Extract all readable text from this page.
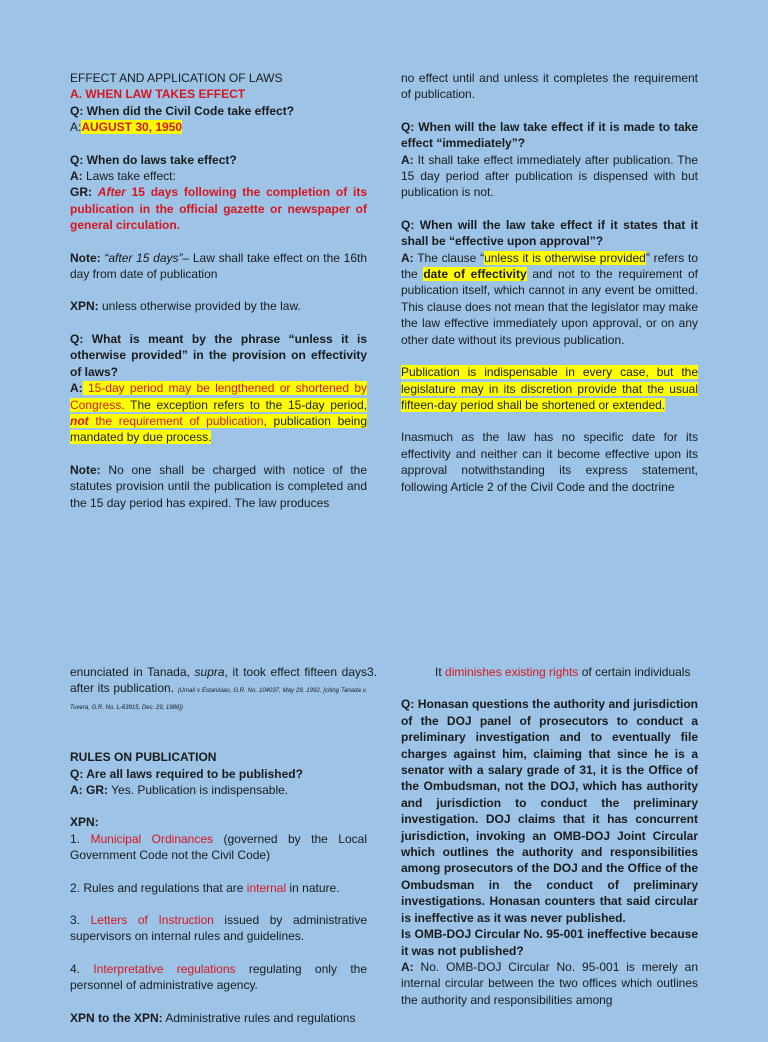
EFFECT AND APPLICATION OF LAWS

A. WHEN LAW TAKES EFFECT

Q: When did the Civil Code take effect?

A:AUGUST 30, 1950

Q: When do laws take effect?

A: Laws take effect:

GR: After 15 days following the completion of its publication in the official gazette or newspaper of general circulation.

Note: “after 15 days”– Law shall take effect on the 16th day from date of publication

XPN: unless otherwise provided by the law.

Q: What is meant by the phrase “unless it is otherwise provided” in the provision on effectivity of laws?

A: 15-day period may be lengthened or shortened by Congress. The exception refers to the 15-day period, not the requirement of publication, publication being mandated by due process.

Note: No one shall be charged with notice of the statutes provision until the publication is completed and the 15 day period has expired. The law produces

no effect until and unless it completes the requirement of publication.

Q: When will the law take effect if it is made to take effect “immediately”?

A: It shall take effect immediately after publication. The 15 day period after publication is dispensed with but publication is not.

Q: When will the law take effect if it states that it shall be “effective upon approval”?

A: The clause “unless it is otherwise provided” refers to the date of effectivity and not to the requirement of publication itself, which cannot in any event be omitted. This clause does not mean that the legislator may make the law effective immediately upon approval, or on any other date without its previous publication.

Publication is indispensable in every case, but the legislature may in its discretion provide that the usual fifteen-day period shall be shortened or extended.

Inasmuch as the law has no specific date for its effectivity and neither can it become effective upon its approval notwithstanding its express statement, following Article 2 of the Civil Code and the doctrine

enunciated in Tanada, supra, it took effect fifteen days after its publication. (Umali v Estanislao, G.R. No. 104037, May 29, 1992, [citing Tanada v. Tuvera, G.R. No. L-63915, Dec. 29, 1986])

RULES ON PUBLICATION

Q: Are all laws required to be published?

A: GR: Yes. Publication is indispensable.

XPN:

1. Municipal Ordinances (governed by the Local Government Code not the Civil Code)

2. Rules and regulations that are internal in nature.

3. Letters of Instruction issued by administrative supervisors on internal rules and guidelines.

4. Interpretative regulations regulating only the personnel of administrative agency.

XPN to the XPN: Administrative rules and regulations

3.	It diminishes existing rights of certain individuals

Q: Honasan questions the authority and jurisdiction of the DOJ panel of prosecutors to conduct a preliminary investigation and to eventually file charges against him, claiming that since he is a senator with a salary grade of 31, it is the Office of the Ombudsman, not the DOJ, which has authority and jurisdiction to conduct the preliminary investigation. DOJ claims that it has concurrent jurisdiction, invoking an OMB-DOJ Joint Circular which outlines the authority and responsibilities among prosecutors of the DOJ and the Office of the Ombudsman in the conduct of preliminary investigations. Honasan counters that said circular is ineffective as it was never published.

Is OMB-DOJ Circular No. 95-001 ineffective because it was not published?

A: No. OMB-DOJ Circular No. 95-001 is merely an internal circular between the two offices which outlines the authority and responsibilities among
